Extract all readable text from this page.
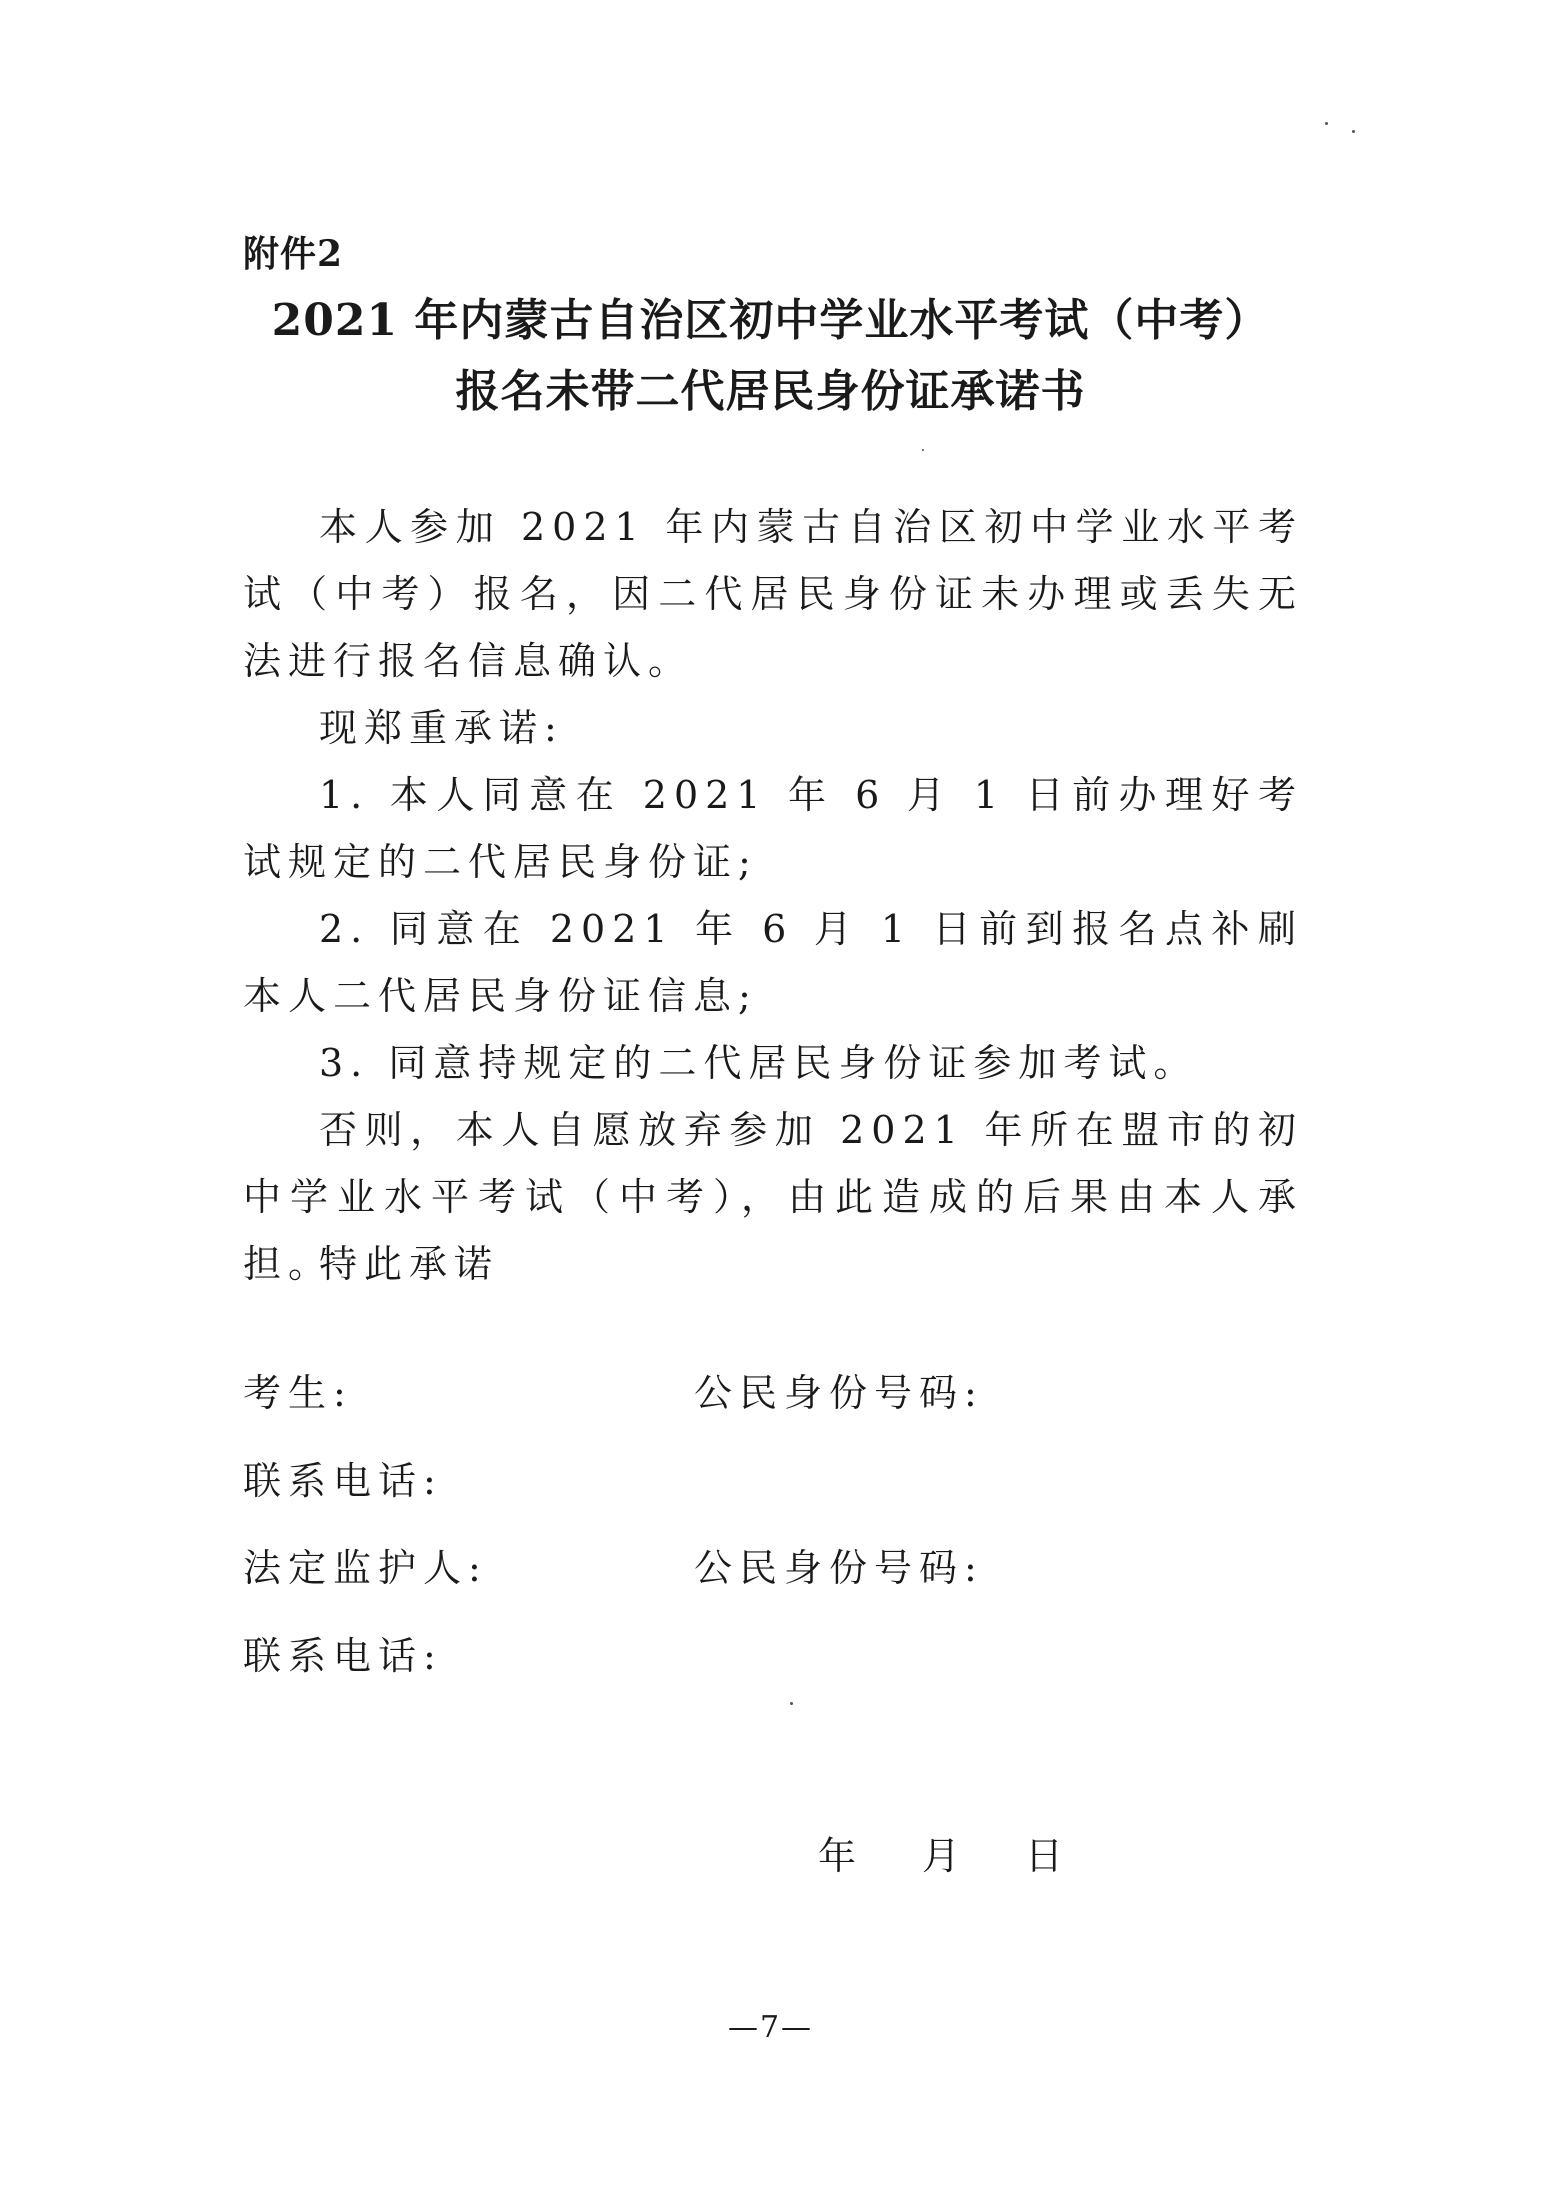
附件2
2021 年内蒙古自治区初中学业水平考试（中考）
报名未带二代居民身份证承诺书

本人参加 2021 年内蒙古自治区初中学业水平考试（中考）报名，因二代居民身份证未办理或丢失无法进行报名信息确认。

现郑重承诺:

1. 本人同意在 2021 年 6 月 1 日前办理好考试规定的二代居民身份证;

2. 同意在 2021 年 6 月 1 日前到报名点补刷本人二代居民身份证信息;

3. 同意持规定的二代居民身份证参加考试。

否则，本人自愿放弃参加 2021 年所在盟市的初中学业水平考试（中考），由此造成的后果由本人承担。

特此承诺

考生:	公民身份号码:
联系电话:
法定监护人:	公民身份号码:
联系电话:
年 月 日
—7—
